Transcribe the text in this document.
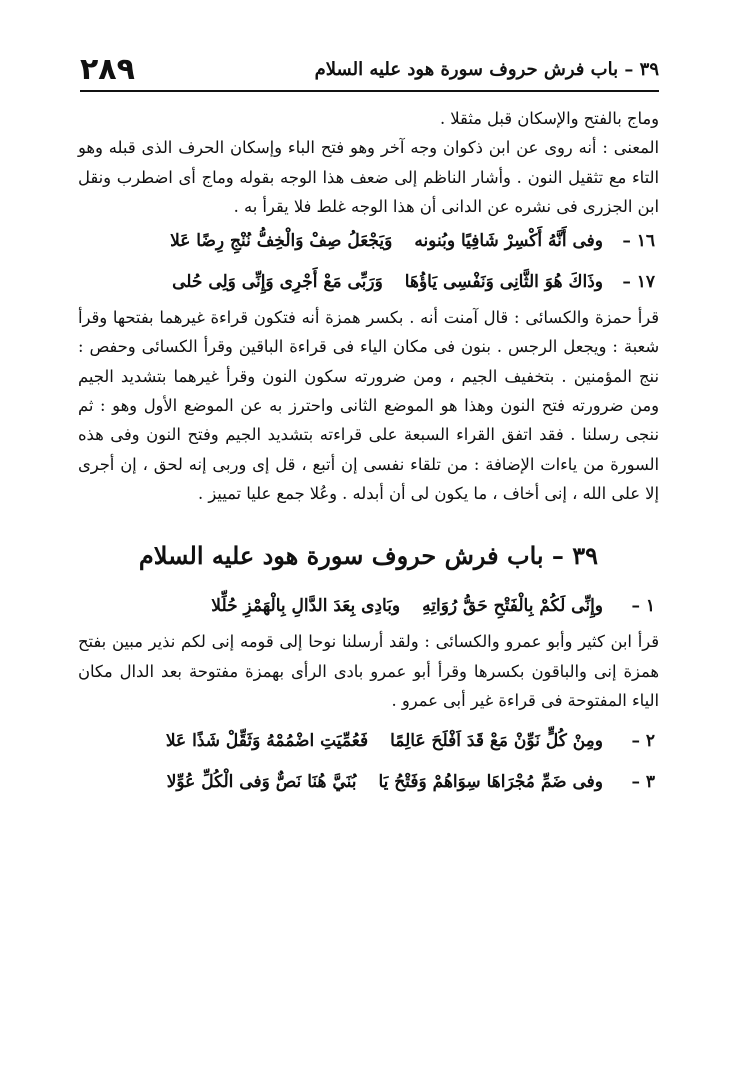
٢٨٩	٣٩ – باب فرش حروف سورة هود عليه السلام

وماج بالفتح والإسكان قبل مثقلا .

المعنى : أنه روى عن ابن ذكوان وجه آخر وهو فتح الباء وإسكان الحرف الذى قبله وهو التاء مع تثقيل النون . وأشار الناظم إلى ضعف هذا الوجه بقوله وماج أى اضطرب ونقل ابن الجزرى فى نشره عن الدانى أن هذا الوجه غلط فلا يقرأ به .

١٦ –
وفى أَنَّهُ أَكْسِرْ شَافِيًا وبُنونه
وَيَجْعَلُ صِفْ وَالْخِفُّ نُنْجِ رِضًا عَلا
١٧ –
وذَاكَ هُوَ الثَّانِى وَنَفْسِى يَاؤُهَا
وَرَبِّى مَعْ أَجْرِى وَإِنِّى وَلِى حُلى

قرأ حمزة والكسائى : قال آمنت أنه . بكسر همزة أنه فتكون قراءة غيرهما بفتحها وقرأ شعبة : ويجعل الرجس . بنون فى مكان الياء فى قراءة الباقين وقرأ الكسائى وحفص : ننج المؤمنين . بتخفيف الجيم ، ومن ضرورته سكون النون وقرأ غيرهما بتشديد الجيم ومن ضرورته فتح النون وهذا هو الموضع الثانى واحترز به عن الموضع الأول وهو : ثم ننجى رسلنا . فقد اتفق القراء السبعة على قراءته بتشديد الجيم وفتح النون وفى هذه السورة من ياءات الإضافة : من تلقاء نفسى إن أتبع ، قل إى وربى إنه لحق ، إن أجرى إلا على الله ، إنى أخاف ، ما يكون لى أن أبدله . وعُلا جمع عليا تمييز .

٣٩ – باب فرش حروف سورة هود عليه السلام
١ –
وإِنِّى لَكُمْ بِالْفَتْحِ حَقُّ رُوَاتِهِ
وبَادِى بِعَدَ الدَّالِ بِالْهَمْزِ حُلِّلا

قرأ ابن كثير وأبو عمرو والكسائى : ولقد أرسلنا نوحا إلى قومه إنى لكم نذير مبين بفتح همزة إنى والباقون بكسرها وقرأ أبو عمرو بادى الرأى بهمزة مفتوحة بعد الدال مكان الياء المفتوحة فى قراءة غير أبى عمرو .

٢ –
ومِنْ كُلٍّ نَوِّنْ مَعْ قَدَ اَفْلَحَ عَالِمًا
فَعُمِّيَتِ اضْمُمْهُ وَثَقِّلْ شَذًا عَلا
٣ –
وفى ضَمِّ مُجْرَاهَا سِوَاهُمْ وَفَتْحُ يَا
بُنَيَّ هُنَا نَصٌّ وَفى الْكُلِّ عُوِّلا
